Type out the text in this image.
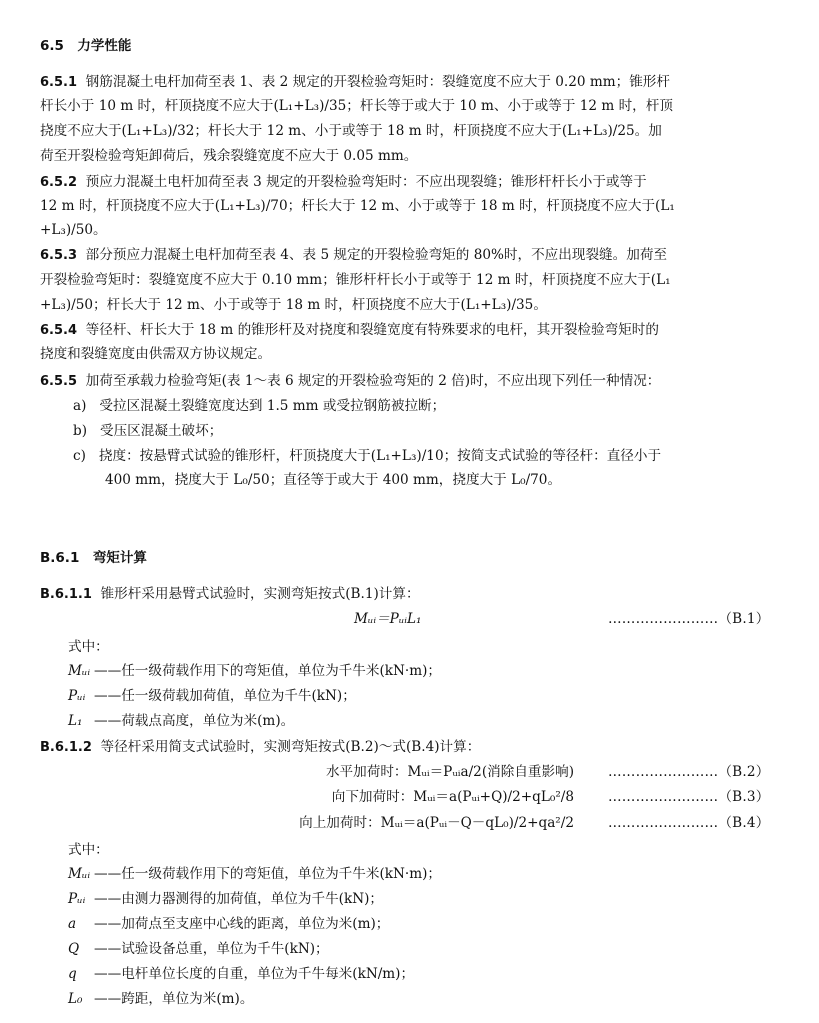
6.5　力学性能
6.5.1 钢筋混凝土电杆加荷至表 1、表 2 规定的开裂检验弯矩时：裂缝宽度不应大于 0.20 mm；锥形杆
杆长小于 10 m 时，杆顶挠度不应大于(L₁+L₃)/35；杆长等于或大于 10 m、小于或等于 12 m 时，杆顶
挠度不应大于(L₁+L₃)/32；杆长大于 12 m、小于或等于 18 m 时，杆顶挠度不应大于(L₁+L₃)/25。加
荷至开裂检验弯矩卸荷后，残余裂缝宽度不应大于 0.05 mm。
6.5.2 预应力混凝土电杆加荷至表 3 规定的开裂检验弯矩时：不应出现裂缝；锥形杆杆长小于或等于
12 m 时，杆顶挠度不应大于(L₁+L₃)/70；杆长大于 12 m、小于或等于 18 m 时，杆顶挠度不应大于(L₁
+L₃)/50。
6.5.3 部分预应力混凝土电杆加荷至表 4、表 5 规定的开裂检验弯矩的 80%时，不应出现裂缝。加荷至
开裂检验弯矩时：裂缝宽度不应大于 0.10 mm；锥形杆杆长小于或等于 12 m 时，杆顶挠度不应大于(L₁
+L₃)/50；杆长大于 12 m、小于或等于 18 m 时，杆顶挠度不应大于(L₁+L₃)/35。
6.5.4 等径杆、杆长大于 18 m 的锥形杆及对挠度和裂缝宽度有特殊要求的电杆，其开裂检验弯矩时的
挠度和裂缝宽度由供需双方协议规定。
6.5.5 加荷至承载力检验弯矩(表 1～表 6 规定的开裂检验弯矩的 2 倍)时，不应出现下列任一种情况：
a) 受拉区混凝土裂缝宽度达到 1.5 mm 或受拉钢筋被拉断；
b) 受压区混凝土破坏；
c) 挠度：按悬臂式试验的锥形杆，杆顶挠度大于(L₁+L₃)/10；按简支式试验的等径杆：直径小于
400 mm，挠度大于 L₀/50；直径等于或大于 400 mm，挠度大于 L₀/70。
B.6.1　弯矩计算
B.6.1.1 锥形杆采用悬臂式试验时，实测弯矩按式(B.1)计算：
Mᵤᵢ＝PᵤᵢL₁	……………………（B.1）
式中：
Mᵤᵢ ——任一级荷载作用下的弯矩值，单位为千牛米(kN·m)；
Pᵤᵢ ——任一级荷载加荷值，单位为千牛(kN)；
L₁ ——荷载点高度，单位为米(m)。
B.6.1.2 等径杆采用简支式试验时，实测弯矩按式(B.2)～式(B.4)计算：
水平加荷时：Mᵤᵢ＝Pᵤᵢa/2(消除自重影响)	……………………（B.2）
向下加荷时：Mᵤᵢ＝a(Pᵤᵢ+Q)/2+qL₀²/8	……………………（B.3）
向上加荷时：Mᵤᵢ＝a(Pᵤᵢ－Q－qL₀)/2+qa²/2	……………………（B.4）
式中：
Mᵤᵢ ——任一级荷载作用下的弯矩值，单位为千牛米(kN·m)；
Pᵤᵢ ——由测力器测得的加荷值，单位为千牛(kN)；
a ——加荷点至支座中心线的距离，单位为米(m)；
Q ——试验设备总重，单位为千牛(kN)；
q ——电杆单位长度的自重，单位为千牛每米(kN/m)；
L₀ ——跨距，单位为米(m)。
